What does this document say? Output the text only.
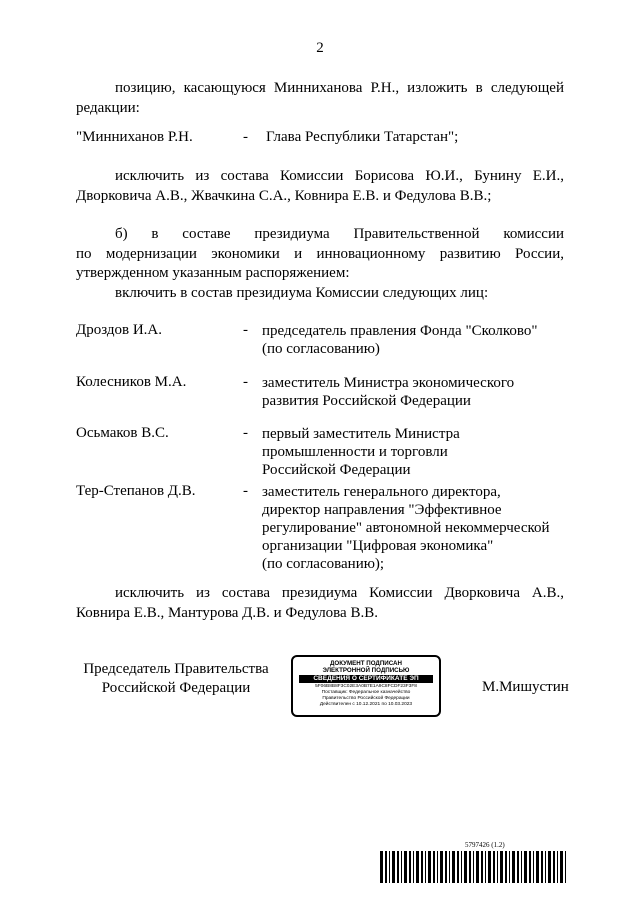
2
позицию, касающуюся Минниханова Р.Н., изложить в следующей
редакции:
"Минниханов Р.Н.	- Глава Республики Татарстан";
исключить из состава Комиссии Борисова Ю.И., Бунину Е.И.,
Дворковича А.В., Жвачкина С.А., Ковнира Е.В. и Федулова В.В.;
б) в составе президиума Правительственной комиссии
по модернизации экономики и инновационному развитию России,
утвержденном указанным распоряжением:
включить в состав президиума Комиссии следующих лиц:
Дроздов И.А.	- председатель правления Фонда "Сколково"
(по согласованию)
Колесников М.А.	- заместитель Министра экономического
развития Российской Федерации
Осьмаков В.С.	- первый заместитель Министра
промышленности и торговли
Российской Федерации
Тер-Степанов Д.В.	- заместитель генерального директора,
директор направления "Эффективное
регулирование" автономной некоммерческой
организации "Цифровая экономика"
(по согласованию);
исключить из состава президиума Комиссии Дворковича А.В.,
Ковнира Е.В., Мантурова Д.В. и Федулова В.В.
Председатель Правительства
Российской Федерации
ДОКУМЕНТ ПОДПИСАН
ЭЛЕКТРОННОЙ ПОДПИСЬЮ
СВЕДЕНИЯ О СЕРТИФИКАТЕ ЭП
5F06B8B8F3C02E3A0B7E1A9C8FCDF23F3F8
Поставщик: Федеральное казначейство
Правительство Российской Федерации
Действителен с 10.12.2021 по 10.03.2023
М.Мишустин
5797426 (1.2)
